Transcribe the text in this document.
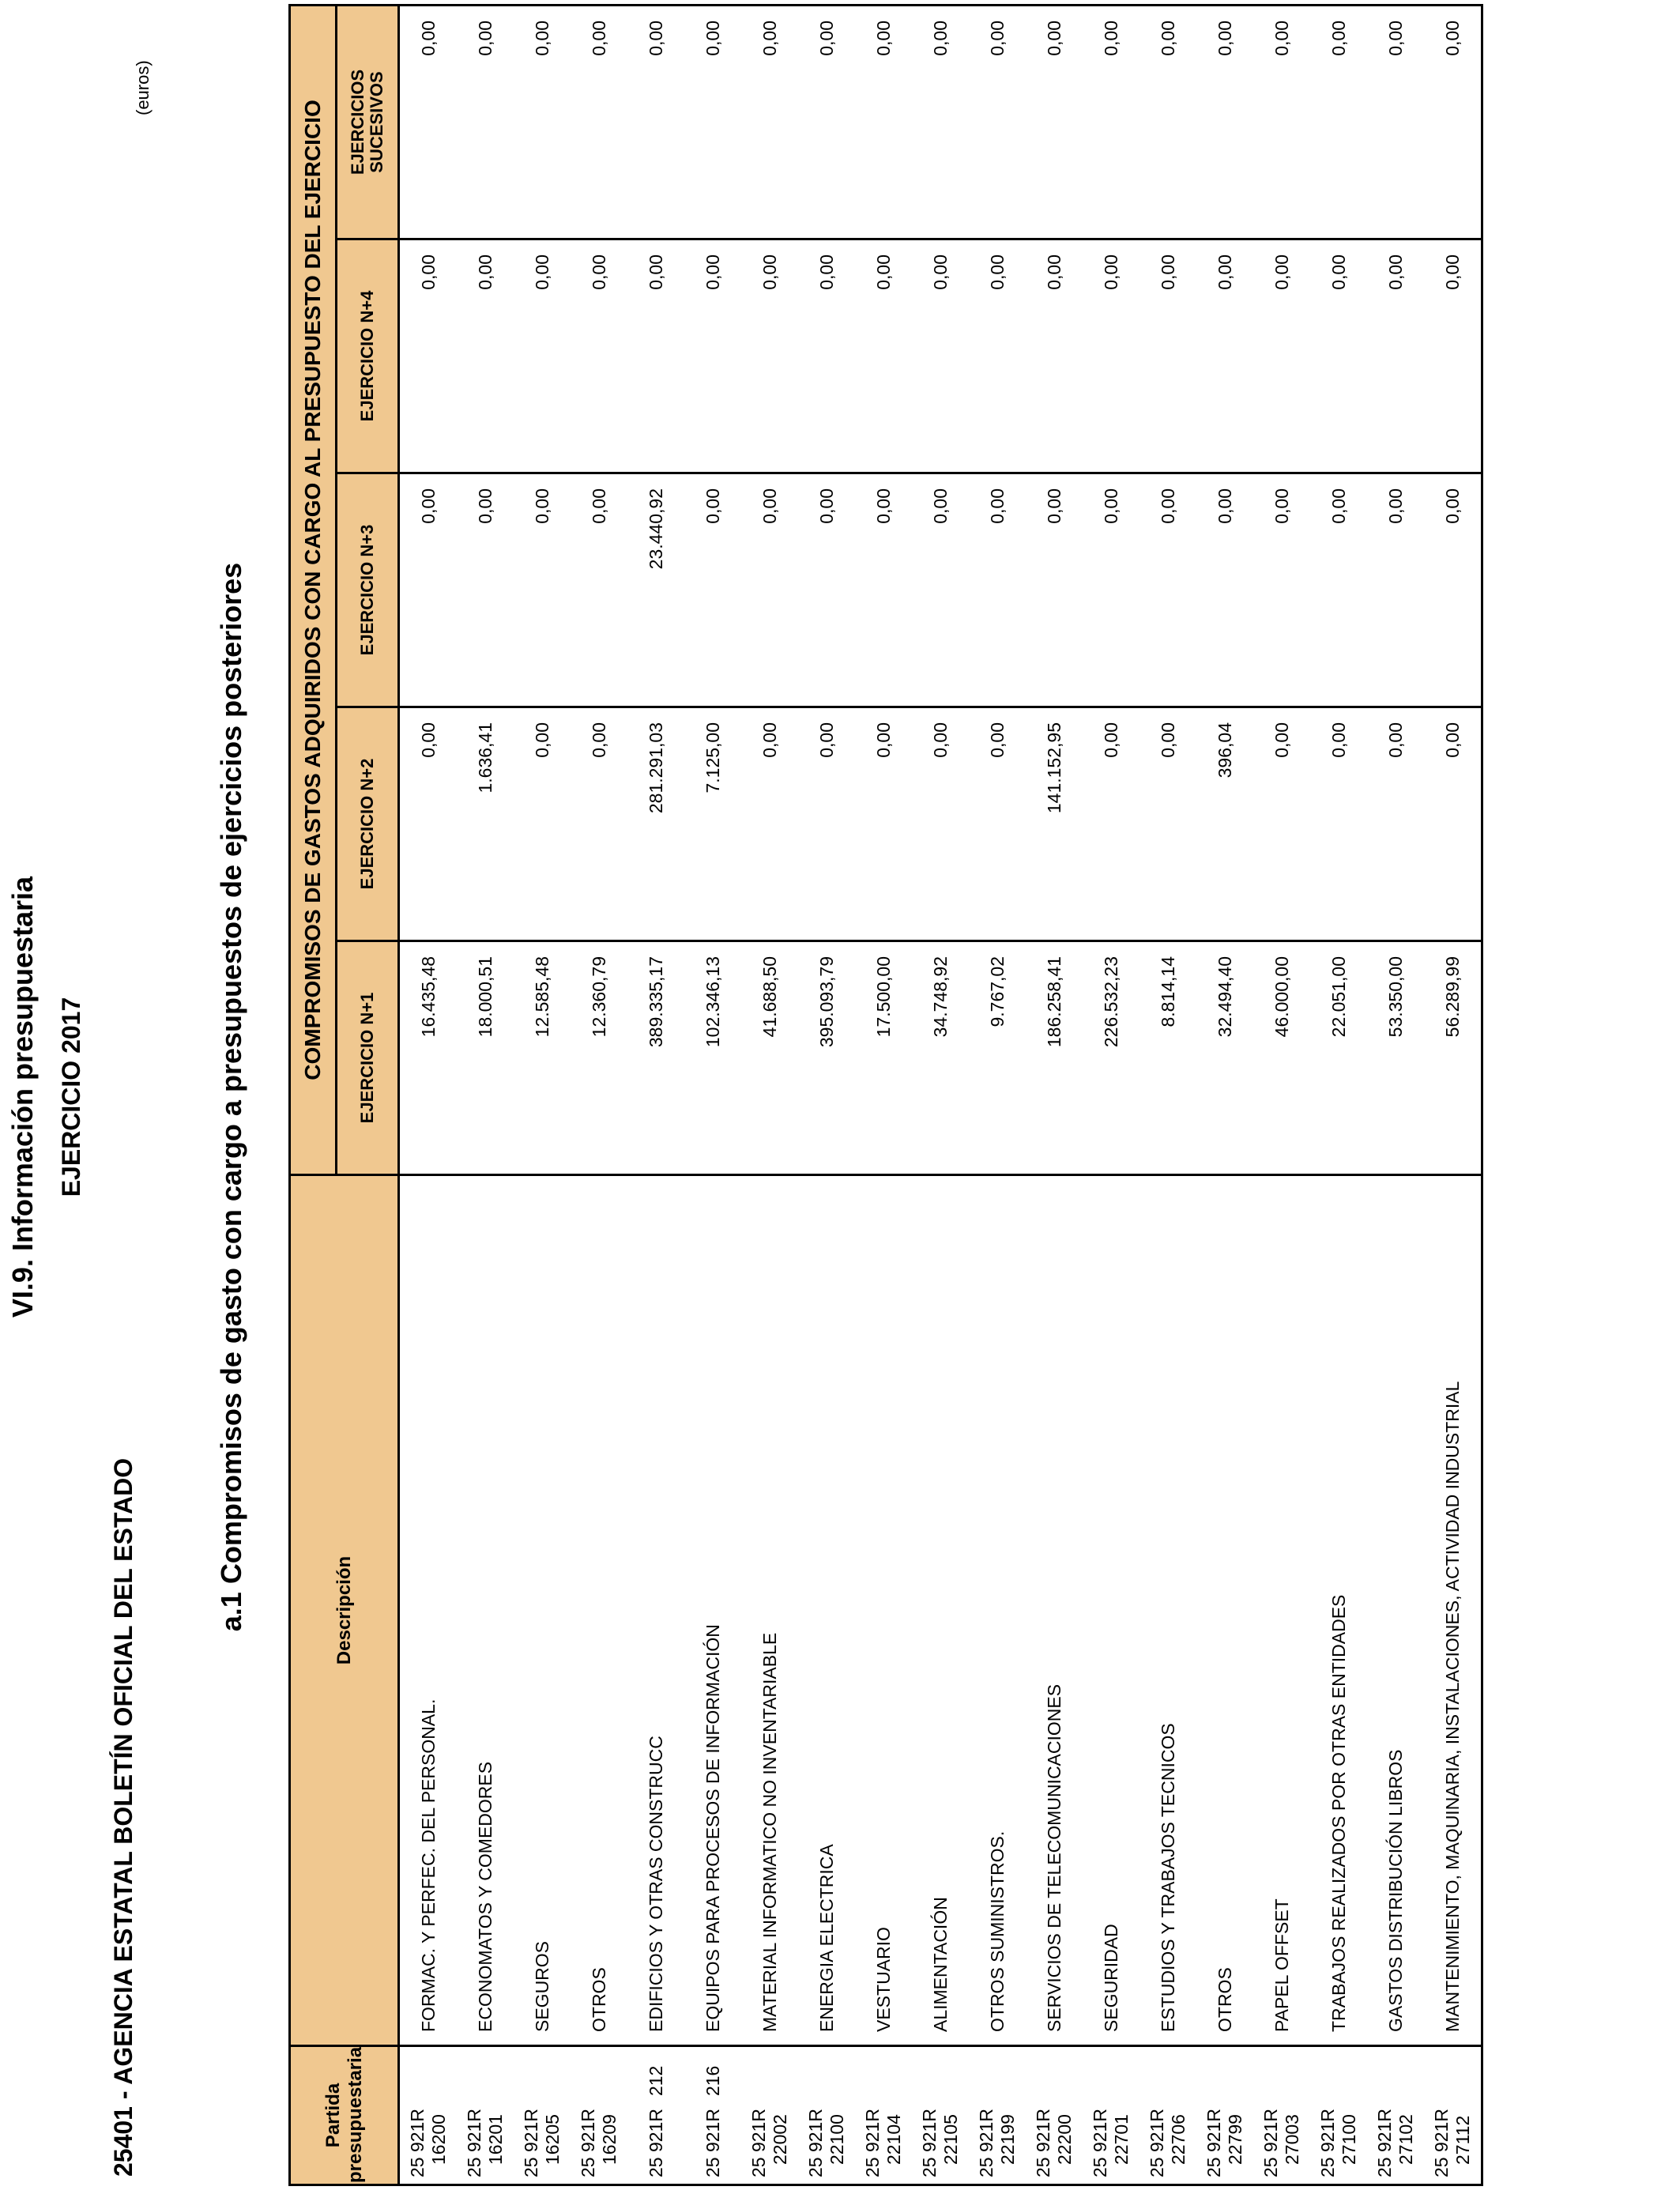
VI.9. Información presupuestaria EJERCICIO 2017
25401 - AGENCIA ESTATAL BOLETÍN OFICIAL DEL ESTADO
(euros)
a.1 Compromisos de gasto con cargo a presupuestos de ejercicios posteriores
Partida presupuestaria	Descripción	COMPROMISOS DE GASTOS ADQUIRIDOS CON CARGO AL PRESUPUESTO DEL EJERCICIO				
		EJERCICIO N+1	EJERCICIO N+2	EJERCICIO N+3	EJERCICIO N+4	EJERCICIOS
SUCESIVOS
25 921R16200	FORMAC. Y PERFEC. DEL PERSONAL.	16.435,48	0,00	0,00	0,00	0,00
25 921R16201	ECONOMATOS Y COMEDORES	18.000,51	1.636,41	0,00	0,00	0,00
25 921R16205	SEGUROS	12.585,48	0,00	0,00	0,00	0,00
25 921R16209	OTROS	12.360,79	0,00	0,00	0,00	0,00
25 921R212	EDIFICIOS Y OTRAS CONSTRUCC	389.335,17	281.291,03	23.440,92	0,00	0,00
25 921R216	EQUIPOS PARA PROCESOS DE INFORMACIÓN	102.346,13	7.125,00	0,00	0,00	0,00
25 921R22002	MATERIAL INFORMATICO NO INVENTARIABLE	41.688,50	0,00	0,00	0,00	0,00
25 921R22100	ENERGIA ELECTRICA	395.093,79	0,00	0,00	0,00	0,00
25 921R22104	VESTUARIO	17.500,00	0,00	0,00	0,00	0,00
25 921R22105	ALIMENTACIÓN	34.748,92	0,00	0,00	0,00	0,00
25 921R22199	OTROS SUMINISTROS.	9.767,02	0,00	0,00	0,00	0,00
25 921R22200	SERVICIOS DE TELECOMUNICACIONES	186.258,41	141.152,95	0,00	0,00	0,00
25 921R22701	SEGURIDAD	226.532,23	0,00	0,00	0,00	0,00
25 921R22706	ESTUDIOS Y TRABAJOS TECNICOS	8.814,14	0,00	0,00	0,00	0,00
25 921R22799	OTROS	32.494,40	396,04	0,00	0,00	0,00
25 921R27003	PAPEL OFFSET	46.000,00	0,00	0,00	0,00	0,00
25 921R27100	TRABAJOS REALIZADOS POR OTRAS ENTIDADES	22.051,00	0,00	0,00	0,00	0,00
25 921R27102	GASTOS DISTRIBUCIÓN LIBROS	53.350,00	0,00	0,00	0,00	0,00
25 921R27112	MANTENIMIENTO, MAQUINARIA, INSTALACIONES, ACTIVIDAD INDUSTRIAL	56.289,99	0,00	0,00	0,00	0,00
